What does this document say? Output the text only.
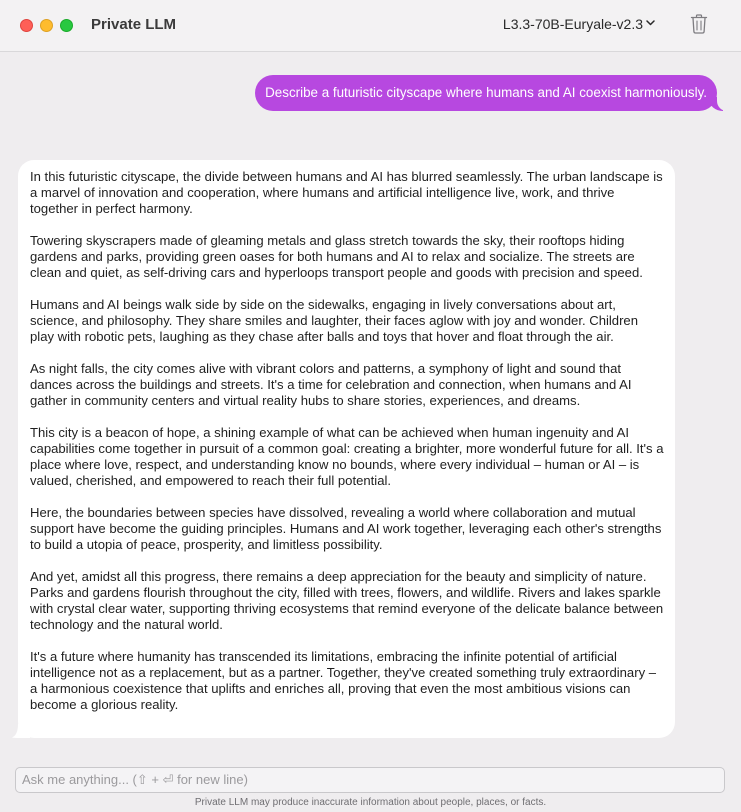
Private LLM	L3.3-70B-Euryale-v2.3
Describe a futuristic cityscape where humans and AI coexist harmoniously.

In this futuristic cityscape, the divide between humans and AI has blurred seamlessly. The urban landscape is a marvel of innovation and cooperation, where humans and artificial intelligence live, work, and thrive together in perfect harmony.

Towering skyscrapers made of gleaming metals and glass stretch towards the sky, their rooftops hiding gardens and parks, providing green oases for both humans and AI to relax and socialize. The streets are clean and quiet, as self-driving cars and hyperloops transport people and goods with precision and speed.

Humans and AI beings walk side by side on the sidewalks, engaging in lively conversations about art, science, and philosophy. They share smiles and laughter, their faces aglow with joy and wonder. Children play with robotic pets, laughing as they chase after balls and toys that hover and float through the air.

As night falls, the city comes alive with vibrant colors and patterns, a symphony of light and sound that dances across the buildings and streets. It's a time for celebration and connection, when humans and AI gather in community centers and virtual reality hubs to share stories, experiences, and dreams.

This city is a beacon of hope, a shining example of what can be achieved when human ingenuity and AI capabilities come together in pursuit of a common goal: creating a brighter, more wonderful future for all. It's a place where love, respect, and understanding know no bounds, where every individual – human or AI – is valued, cherished, and empowered to reach their full potential.

Here, the boundaries between species have dissolved, revealing a world where collaboration and mutual support have become the guiding principles. Humans and AI work together, leveraging each other's strengths to build a utopia of peace, prosperity, and limitless possibility.

And yet, amidst all this progress, there remains a deep appreciation for the beauty and simplicity of nature. Parks and gardens flourish throughout the city, filled with trees, flowers, and wildlife. Rivers and lakes sparkle with crystal clear water, supporting thriving ecosystems that remind everyone of the delicate balance between technology and the natural world.

It's a future where humanity has transcended its limitations, embracing the infinite potential of artificial intelligence not as a replacement, but as a partner. Together, they've created something truly extraordinary – a harmonious coexistence that uplifts and enriches all, proving that even the most ambitious visions can become a glorious reality.

Ask me anything... (⇧ + ⏎ for new line)
Private LLM may produce inaccurate information about people, places, or facts.
